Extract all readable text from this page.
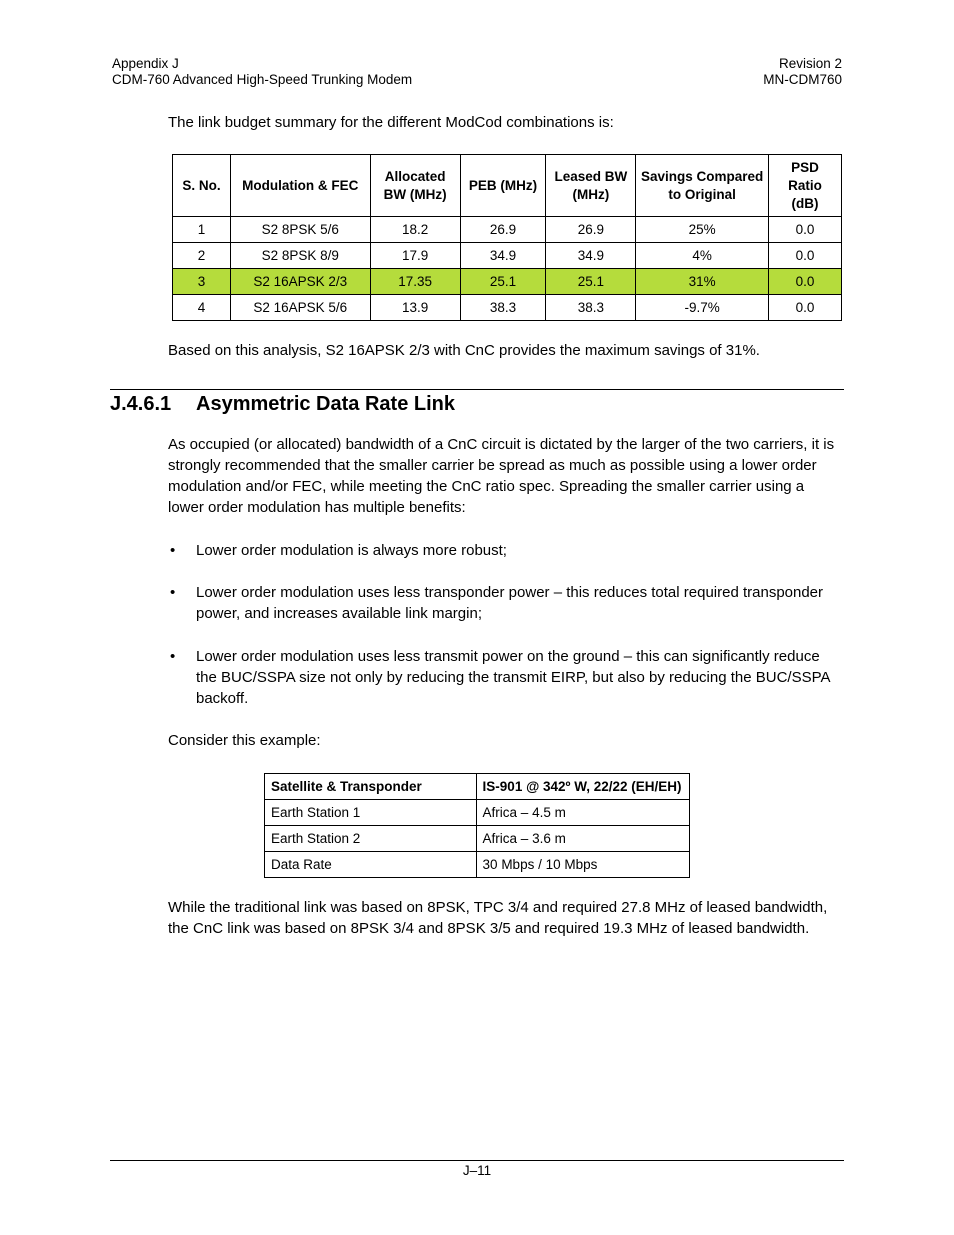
Appendix J
CDM-760 Advanced High-Speed Trunking Modem
Revision 2
MN-CDM760

The link budget summary for the different ModCod combinations is:

S. No.	Modulation & FEC	Allocated BW (MHz)	PEB (MHz)	Leased BW (MHz)	Savings Compared to Original	PSD Ratio (dB)
1	S2 8PSK 5/6	18.2	26.9	26.9	25%	0.0
2	S2 8PSK 8/9	17.9	34.9	34.9	4%	0.0
3	S2 16APSK 2/3	17.35	25.1	25.1	31%	0.0
4	S2 16APSK 5/6	13.9	38.3	38.3	-9.7%	0.0

Based on this analysis, S2 16APSK 2/3 with CnC provides the maximum savings of 31%.

J.4.6.1 Asymmetric Data Rate Link

As occupied (or allocated) bandwidth of a CnC circuit is dictated by the larger of the two carriers, it is strongly recommended that the smaller carrier be spread as much as possible using a lower order modulation and/or FEC, while meeting the CnC ratio spec. Spreading the smaller carrier using a lower order modulation has multiple benefits:

• Lower order modulation is always more robust;
• Lower order modulation uses less transponder power – this reduces total required transponder power, and increases available link margin;
• Lower order modulation uses less transmit power on the ground – this can significantly reduce the BUC/SSPA size not only by reducing the transmit EIRP, but also by reducing the BUC/SSPA backoff.

Consider this example:

Satellite & Transponder	IS-901 @ 342º W, 22/22 (EH/EH)
Earth Station 1	Africa – 4.5 m
Earth Station 2	Africa – 3.6 m
Data Rate	30 Mbps / 10 Mbps

While the traditional link was based on 8PSK, TPC 3/4 and required 27.8 MHz of leased bandwidth, the CnC link was based on 8PSK 3/4 and 8PSK 3/5 and required 19.3 MHz of leased bandwidth.

J–11
